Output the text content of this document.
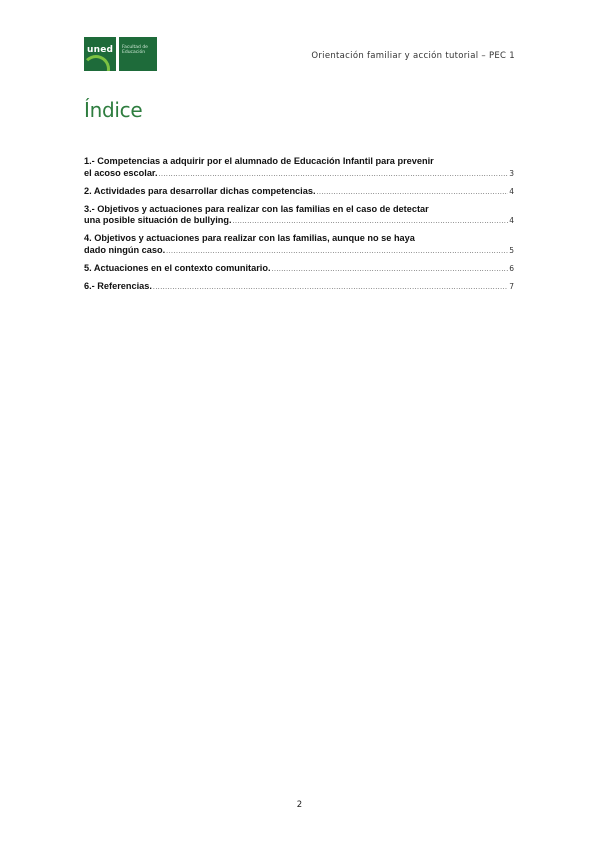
uned Facultad de Educación	Orientación familiar y acción tutorial – PEC 1
Índice
1.- Competencias a adquirir por el alumnado de Educación Infantil para prevenir
el acoso escolar. .....	3
2. Actividades para desarrollar dichas competencias. .....	4
3.- Objetivos y actuaciones para realizar con las familias en el caso de detectar
una posible situación de bullying. .....	4
4. Objetivos y actuaciones para realizar con las familias, aunque no se haya
dado ningún caso. .....	5
5. Actuaciones en el contexto comunitario. .....	6
6.- Referencias. .....	7
2
